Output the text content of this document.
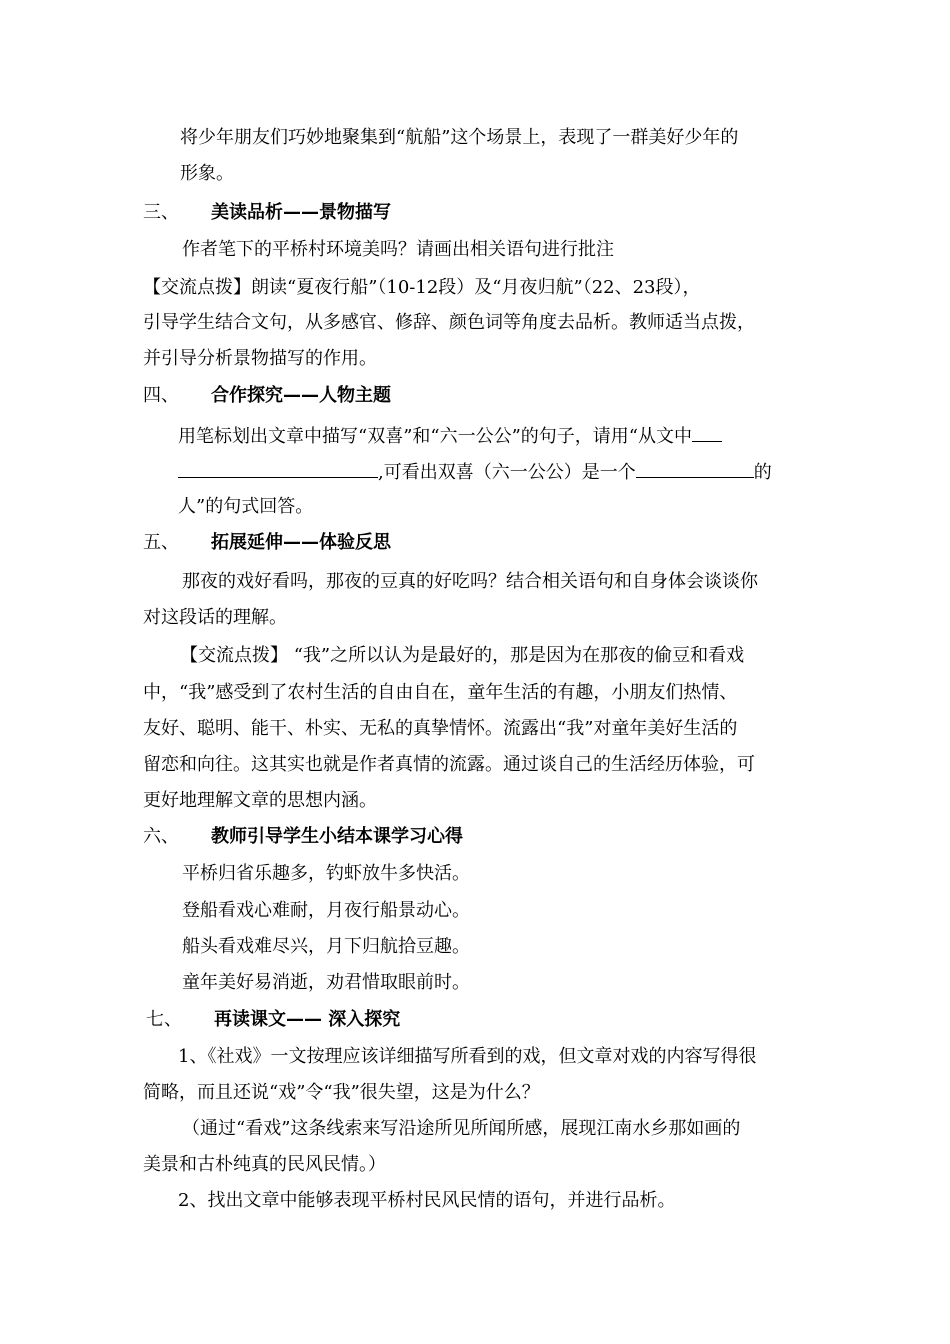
将少年朋友们巧妙地聚集到“航船”这个场景上，表现了一群美好少年的
形象。
三、 美读品析——景物描写
作者笔下的平桥村环境美吗？请画出相关语句进行批注
【交流点拨】朗读“夏夜行船”（10-12段）及“月夜归航”（22、23段），
引导学生结合文句，从多感官、修辞、颜色词等角度去品析。教师适当点拨，
并引导分析景物描写的作用。
四、 合作探究——人物主题
用笔标划出文章中描写“双喜”和“六一公公”的句子，请用“从文中
,可看出双喜（六一公公）是一个	的
人”的句式回答。
五、 拓展延伸——体验反思
那夜的戏好看吗，那夜的豆真的好吃吗？结合相关语句和自身体会谈谈你
对这段话的理解。
【交流点拨】 “我”之所以认为是最好的，那是因为在那夜的偷豆和看戏
中，“我”感受到了农村生活的自由自在，童年生活的有趣，小朋友们热情、
友好、聪明、能干、朴实、无私的真挚情怀。流露出“我”对童年美好生活的
留恋和向往。这其实也就是作者真情的流露。通过谈自己的生活经历体验，可
更好地理解文章的思想内涵。
六、 教师引导学生小结本课学习心得
平桥归省乐趣多，钓虾放牛多快活。
登船看戏心难耐，月夜行船景动心。
船头看戏难尽兴，月下归航拾豆趣。
童年美好易消逝，劝君惜取眼前时。
七、 再读课文—— 深入探究
1、《社戏》一文按理应该详细描写所看到的戏，但文章对戏的内容写得很
简略，而且还说“戏”令“我”很失望，这是为什么？
（通过“看戏”这条线索来写沿途所见所闻所感，展现江南水乡那如画的
美景和古朴纯真的民风民情。）
2、找出文章中能够表现平桥村民风民情的语句，并进行品析。
